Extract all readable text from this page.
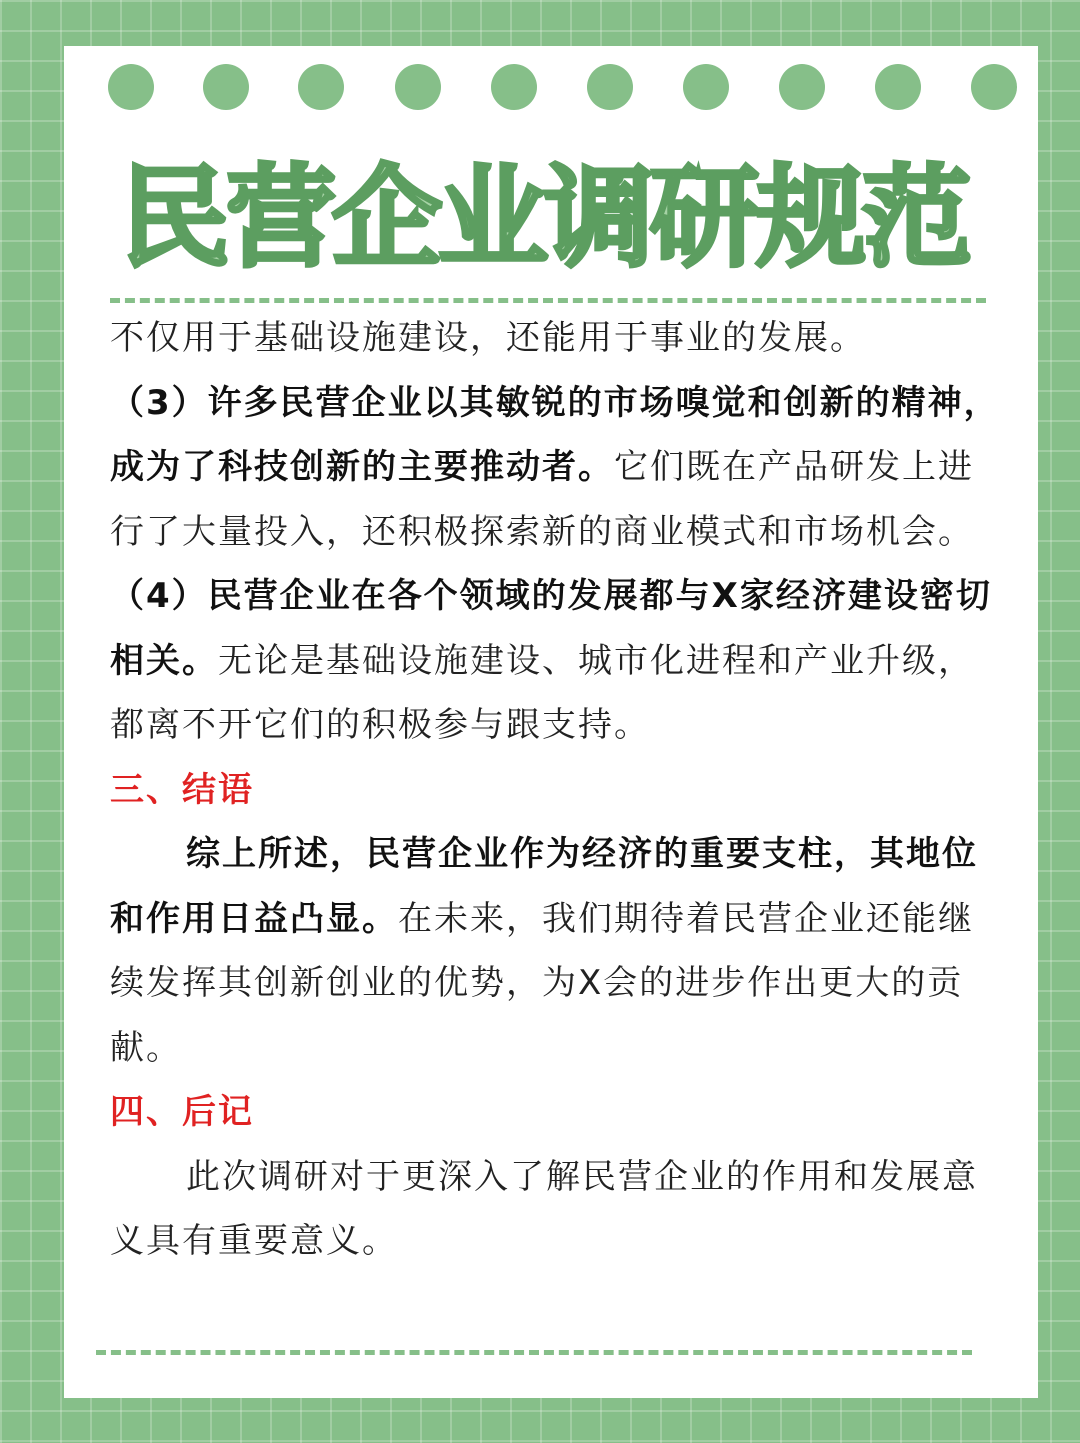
民营企业调研规范

不仅用于基础设施建设，还能用于事业的发展。

（3）许多民营企业以其敏锐的市场嗅觉和创新的精神，成为了科技创新的主要推动者。它们既在产品研发上进行了大量投入，还积极探索新的商业模式和市场机会。

（4）民营企业在各个领域的发展都与X家经济建设密切相关。无论是基础设施建设、城市化进程和产业升级，都离不开它们的积极参与跟支持。

三、结语

综上所述，民营企业作为经济的重要支柱，其地位和作用日益凸显。在未来，我们期待着民营企业还能继续发挥其创新创业的优势，为X会的进步作出更大的贡献。

四、后记

此次调研对于更深入了解民营企业的作用和发展意义具有重要意义。
